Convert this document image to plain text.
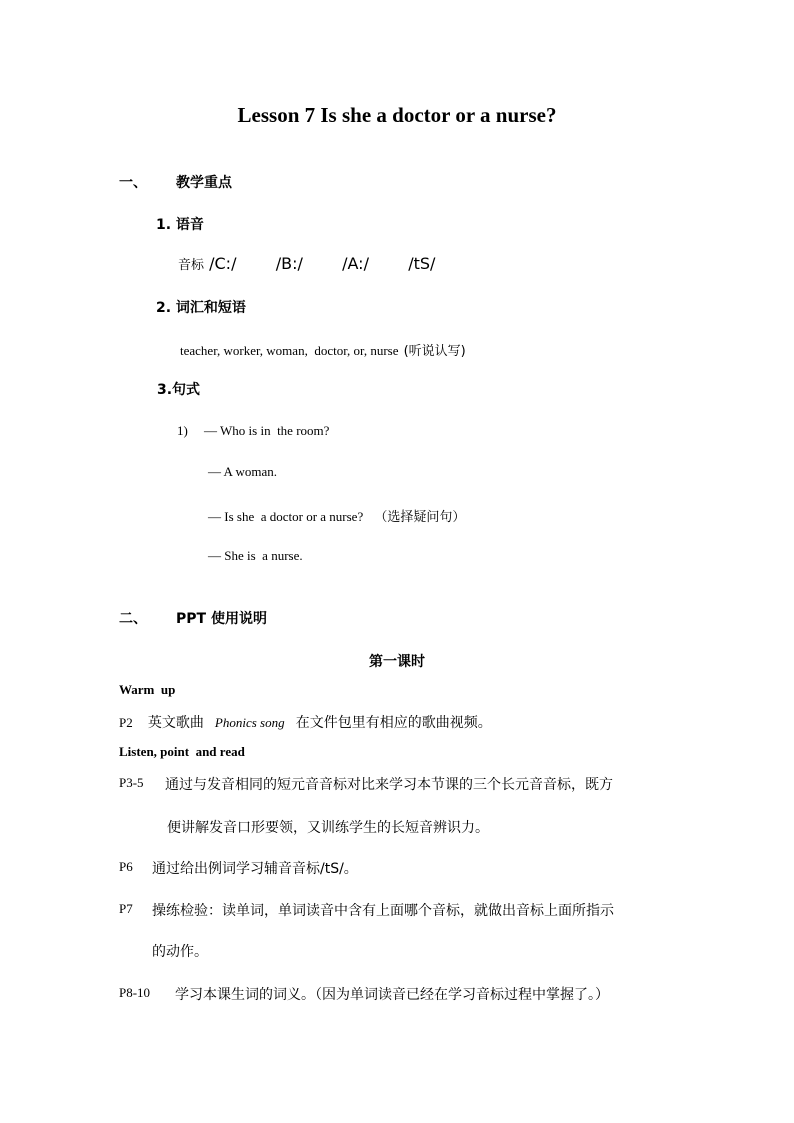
Lesson 7 Is she a doctor or a nurse?
一、 教学重点
1. 语音
音标 /C:/   /B:/   /A:/   /tS/
2. 词汇和短语
teacher, worker, woman,  doctor, or, nurse (听说认写)
3.句式
1) — Who is in  the room?
— A woman.
— Is she  a doctor or a nurse? （选择疑问句）
— She is  a nurse.
二、 PPT 使用说明
第一课时
Warm  up
P2 英文歌曲 Phonics song 在文件包里有相应的歌曲视频。
Listen, point  and read
P3-5 通过与发音相同的短元音音标对比来学习本节课的三个长元音音标，既方
便讲解发音口形要领，又训练学生的长短音辨识力。
P6 通过给出例词学习辅音音标/tS/。
P7 操练检验：读单词，单词读音中含有上面哪个音标，就做出音标上面所指示
的动作。
P8-10 学习本课生词的词义。（因为单词读音已经在学习音标过程中掌握了。）
